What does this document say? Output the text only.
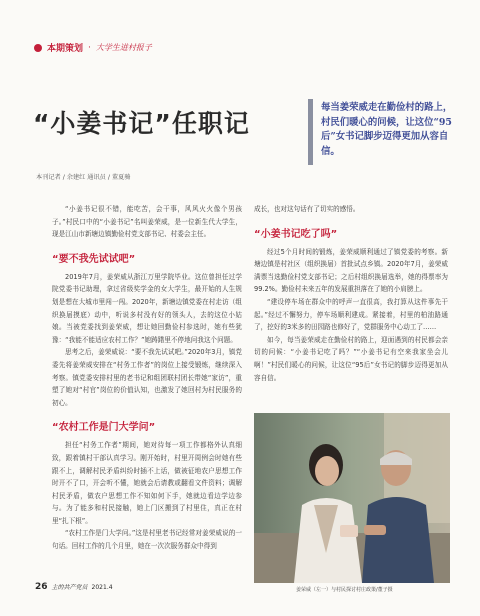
本期策划 · 大学生进村报子
“小姜书记”任职记
本刊记者 / 余建红 通讯员 / 董夏骑
每当姜荣威走在勤俭村的路上，村民们暖心的问候，让这位“95后”女书记脚步迈得更加从容自信。

“小姜书记很不错，能吃苦，会干事，风风火火像个男孩子。”村民口中的“小姜书记”名叫姜荣威，是一位新生代大学生，现是江山市新塘边镇勤俭村党支部书记、村委会主任。

“要不我先试试吧”

2019年7月，姜荣威从浙江万里学院毕业。这位曾担任过学院党委书记助理，拿过省级奖学金的女大学生，最开始的人生规划是想在大城市里闯一闯。2020年，新塘边镇党委在村走访（组织换届摸底）动中，听说多村没有好的领头人，去的这位小姑娘。当被党委找到姜荣威，想让她回勤俭村参选时，她有些犹豫：“我能不能适应农村工作？”她踌躇里不停地问我这个问题。

思考之后，姜荣威说：“要不我先试试吧。”2020年3月，镇党委先将姜荣威安排在“村务工作者”的岗位上接受锻炼，继续深入考察。镇党委安排村里的老书记和组团联村团长带她“家访”，重塑了她对“村官”岗位的价值认知，也激发了她回村为村民服务的初心。

“农村工作是门大学问”

担任“村务工作者”期间，她对待每一项工作都格外认真细致，跟着镇村干部认真学习。刚开始时，村里开周例会时她有些跟不上，调解村民矛盾纠纷时插不上话，做被征地农户思想工作时开不了口，开会听不懂，她就会后请教或翻看文件资料；调解村民矛盾，做农户思想工作不知如何下手，她就边看边学边参与。为了能多和村民接触，她上门区搬到了村里住，真正在村里“扎下根”。

“农村工作是门大学问。”这是村里老书记经常对姜荣威说的一句话。回村工作的几个月里，她在一次次服务群众中得到

成长，也对这句话有了切实的感悟。

“小姜书记吃了吗”

经过5个月时间的锻炼，姜荣威顺利通过了镇党委的考察。新塘边镇是村社区（组织换届）首批试点乡镇。2020年7月，姜荣威满票当选勤俭村党支部书记；之后村组织换届选举，她的得票率为99.2%。勤俭村未来五年的发展重担落在了她的小肩膀上。

“建设停车场在群众中的呼声一直很高，我打算从这件事先干起。”经过不懈努力，停车场顺利建成。紧接着，村里的柏油路通了，挖好的3米多的田园路也修好了，党群服务中心动工了……

如今，每当姜荣威走在勤俭村的路上，迎面遇到的村民都会亲切的问候：“小姜书记吃了吗？”“小姜书记有空来我家坐会儿啊！”村民们暖心的问候，让这位“95后”女书记的脚步迈得更加从容自信。

姜荣威（左一）与村民探讨村庄政策/董子摄
26 主的共产党员 2021.4
